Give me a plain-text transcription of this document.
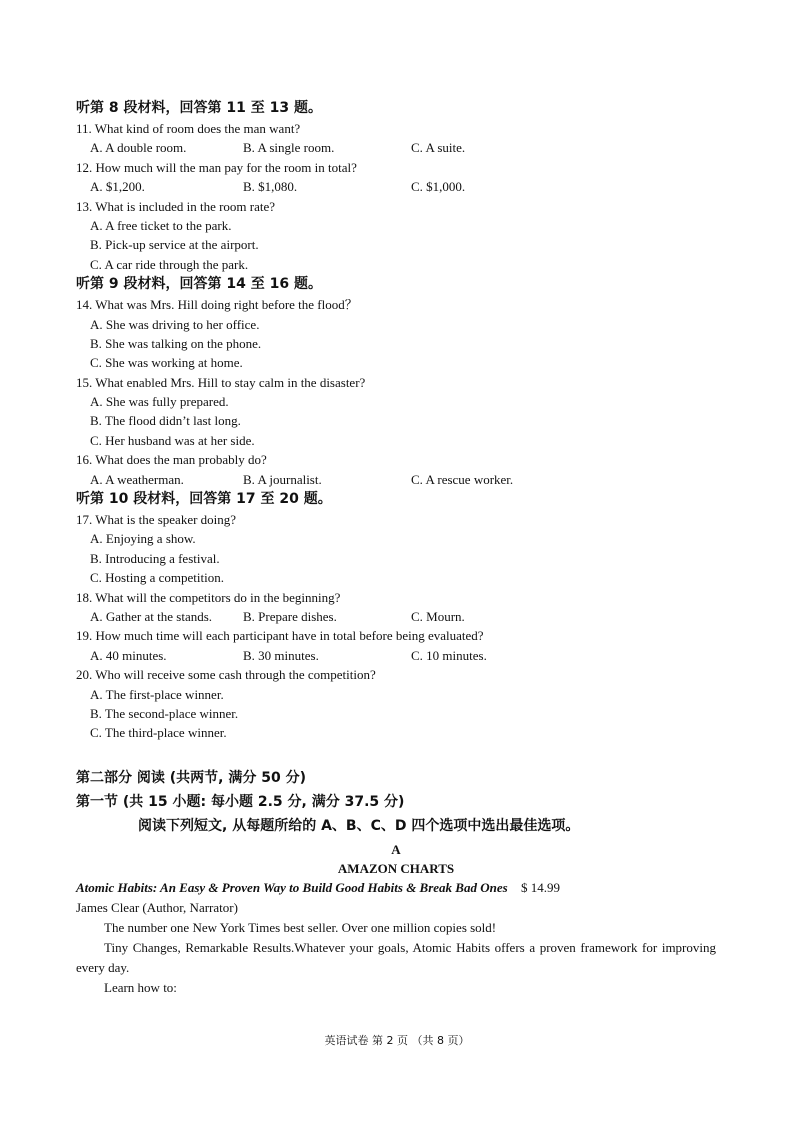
听第 8 段材料，回答第 11 至 13 题。
11. What kind of room does the man want?
A. A double room.	B. A single room.	C. A suite.
12. How much will the man pay for the room in total?
A. $1,200.	B. $1,080.	C. $1,000.
13. What is included in the room rate?
A. A free ticket to the park.
B. Pick-up service at the airport.
C. A car ride through the park.
听第 9 段材料，回答第 14 至 16 题。
14. What was Mrs. Hill doing right before the flood？
A. She was driving to her office.
B. She was talking on the phone.
C. She was working at home.
15. What enabled Mrs. Hill to stay calm in the disaster?
A. She was fully prepared.
B. The flood didn’t last long.
C. Her husband was at her side.
16. What does the man probably do?
A. A weatherman.	B. A journalist.	C. A rescue worker.
听第 10 段材料，回答第 17 至 20 题。
17. What is the speaker doing?
A. Enjoying a show.
B. Introducing a festival.
C. Hosting a competition.
18. What will the competitors do in the beginning?
A. Gather at the stands. B. Prepare dishes.	C. Mourn.
19. How much time will each participant have in total before being evaluated?
A. 40 minutes.	B. 30 minutes.	C. 10 minutes.
20. Who will receive some cash through the competition?
A. The first-place winner.
B. The second-place winner.
C. The third-place winner.
第二部分 阅读 (共两节, 满分 50 分)
第一节 (共 15 小题: 每小题 2.5 分, 满分 37.5 分)
阅读下列短文, 从每题所给的 A、B、C、D 四个选项中选出最佳选项。
A
AMAZON CHARTS
Atomic Habits: An Easy & Proven Way to Build Good Habits & Break Bad Ones $ 14.99
James Clear (Author, Narrator)
The number one New York Times best seller. Over one million copies sold!
Tiny Changes, Remarkable Results.Whatever your goals, Atomic Habits offers a proven framework for improving every day.
Learn how to:
英语试卷 第 2 页 （共 8 页）
